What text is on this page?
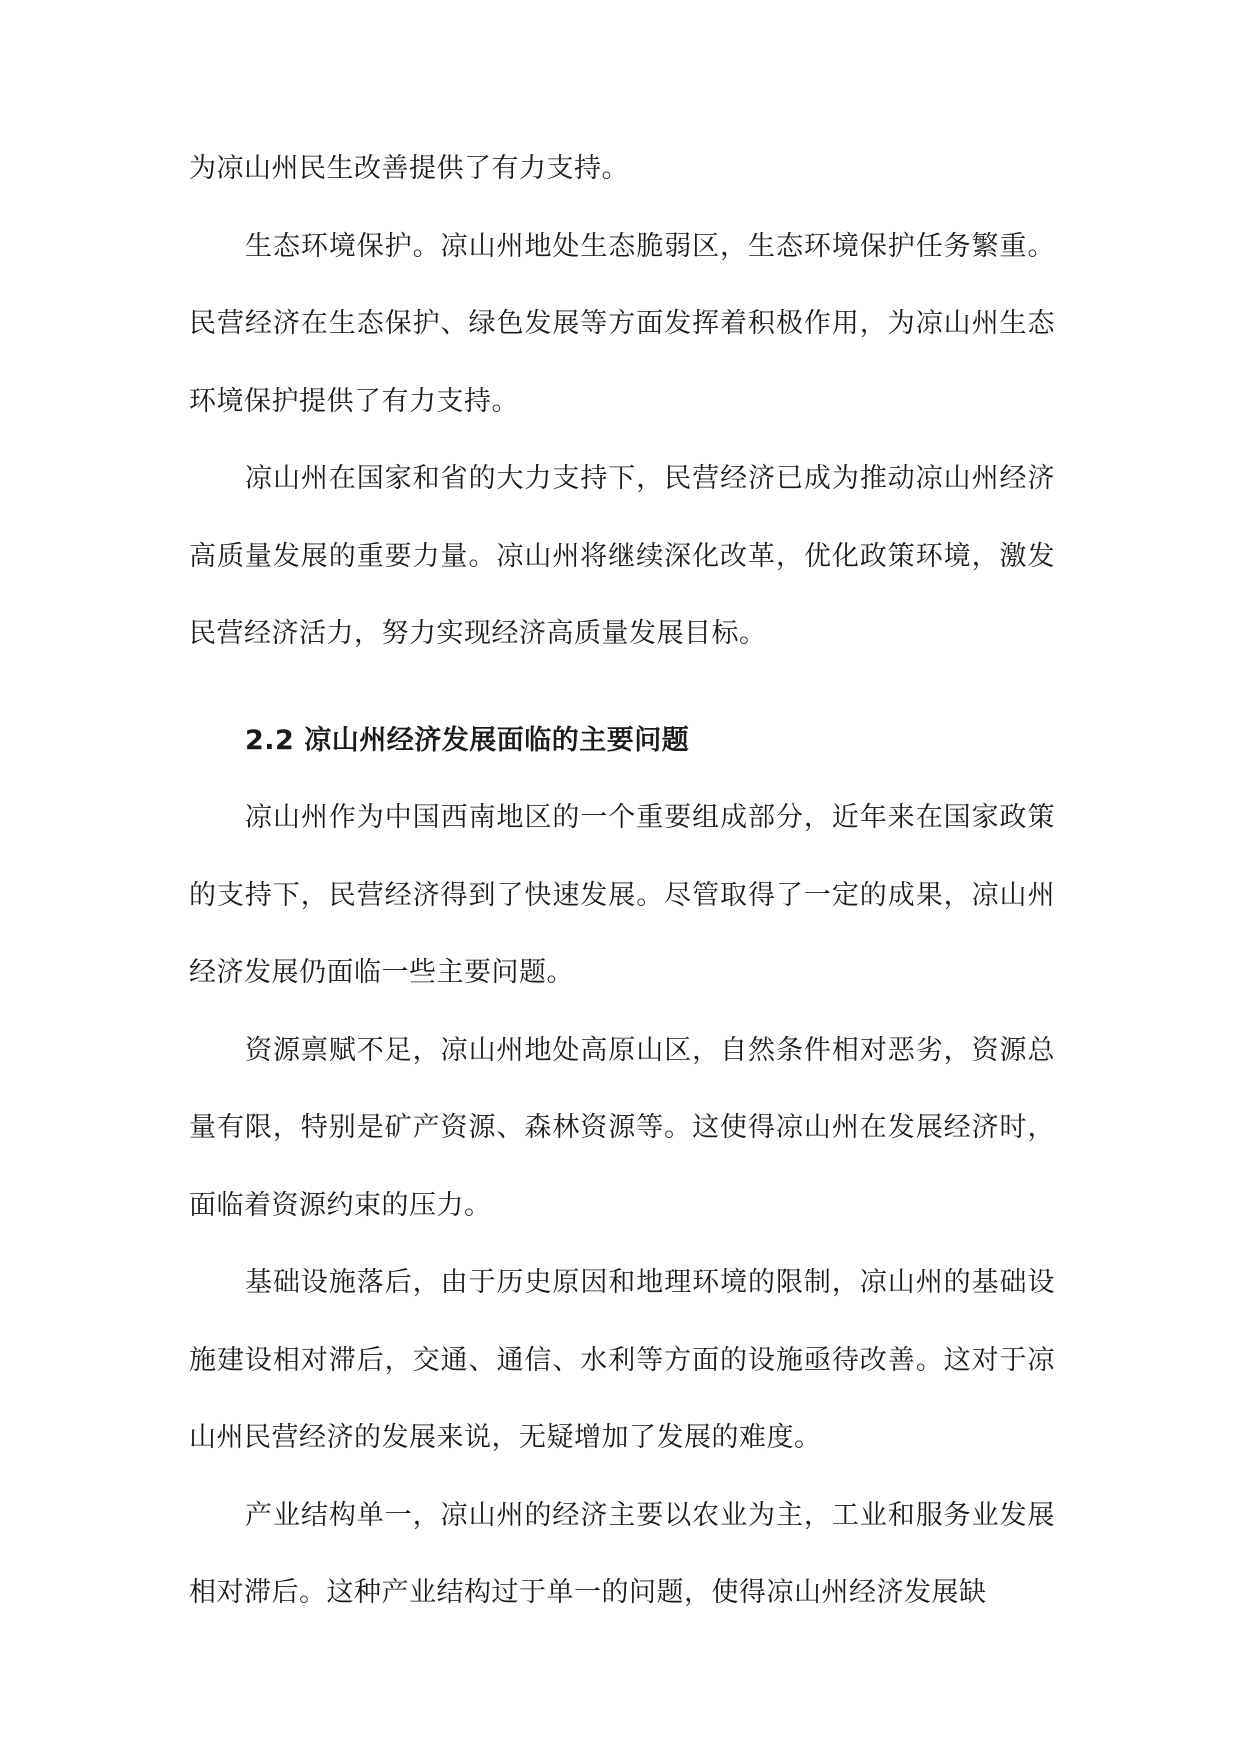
为凉山州民生改善提供了有力支持。

生态环境保护。凉山州地处生态脆弱区，生态环境保护任务繁重。民营经济在生态保护、绿色发展等方面发挥着积极作用，为凉山州生态环境保护提供了有力支持。

凉山州在国家和省的大力支持下，民营经济已成为推动凉山州经济高质量发展的重要力量。凉山州将继续深化改革，优化政策环境，激发民营经济活力，努力实现经济高质量发展目标。

2.2 凉山州经济发展面临的主要问题

凉山州作为中国西南地区的一个重要组成部分，近年来在国家政策的支持下，民营经济得到了快速发展。尽管取得了一定的成果，凉山州经济发展仍面临一些主要问题。

资源禀赋不足，凉山州地处高原山区，自然条件相对恶劣，资源总量有限，特别是矿产资源、森林资源等。这使得凉山州在发展经济时，面临着资源约束的压力。

基础设施落后，由于历史原因和地理环境的限制，凉山州的基础设施建设相对滞后，交通、通信、水利等方面的设施亟待改善。这对于凉山州民营经济的发展来说，无疑增加了发展的难度。

产业结构单一，凉山州的经济主要以农业为主，工业和服务业发展相对滞后。这种产业结构过于单一的问题，使得凉山州经济发展缺
